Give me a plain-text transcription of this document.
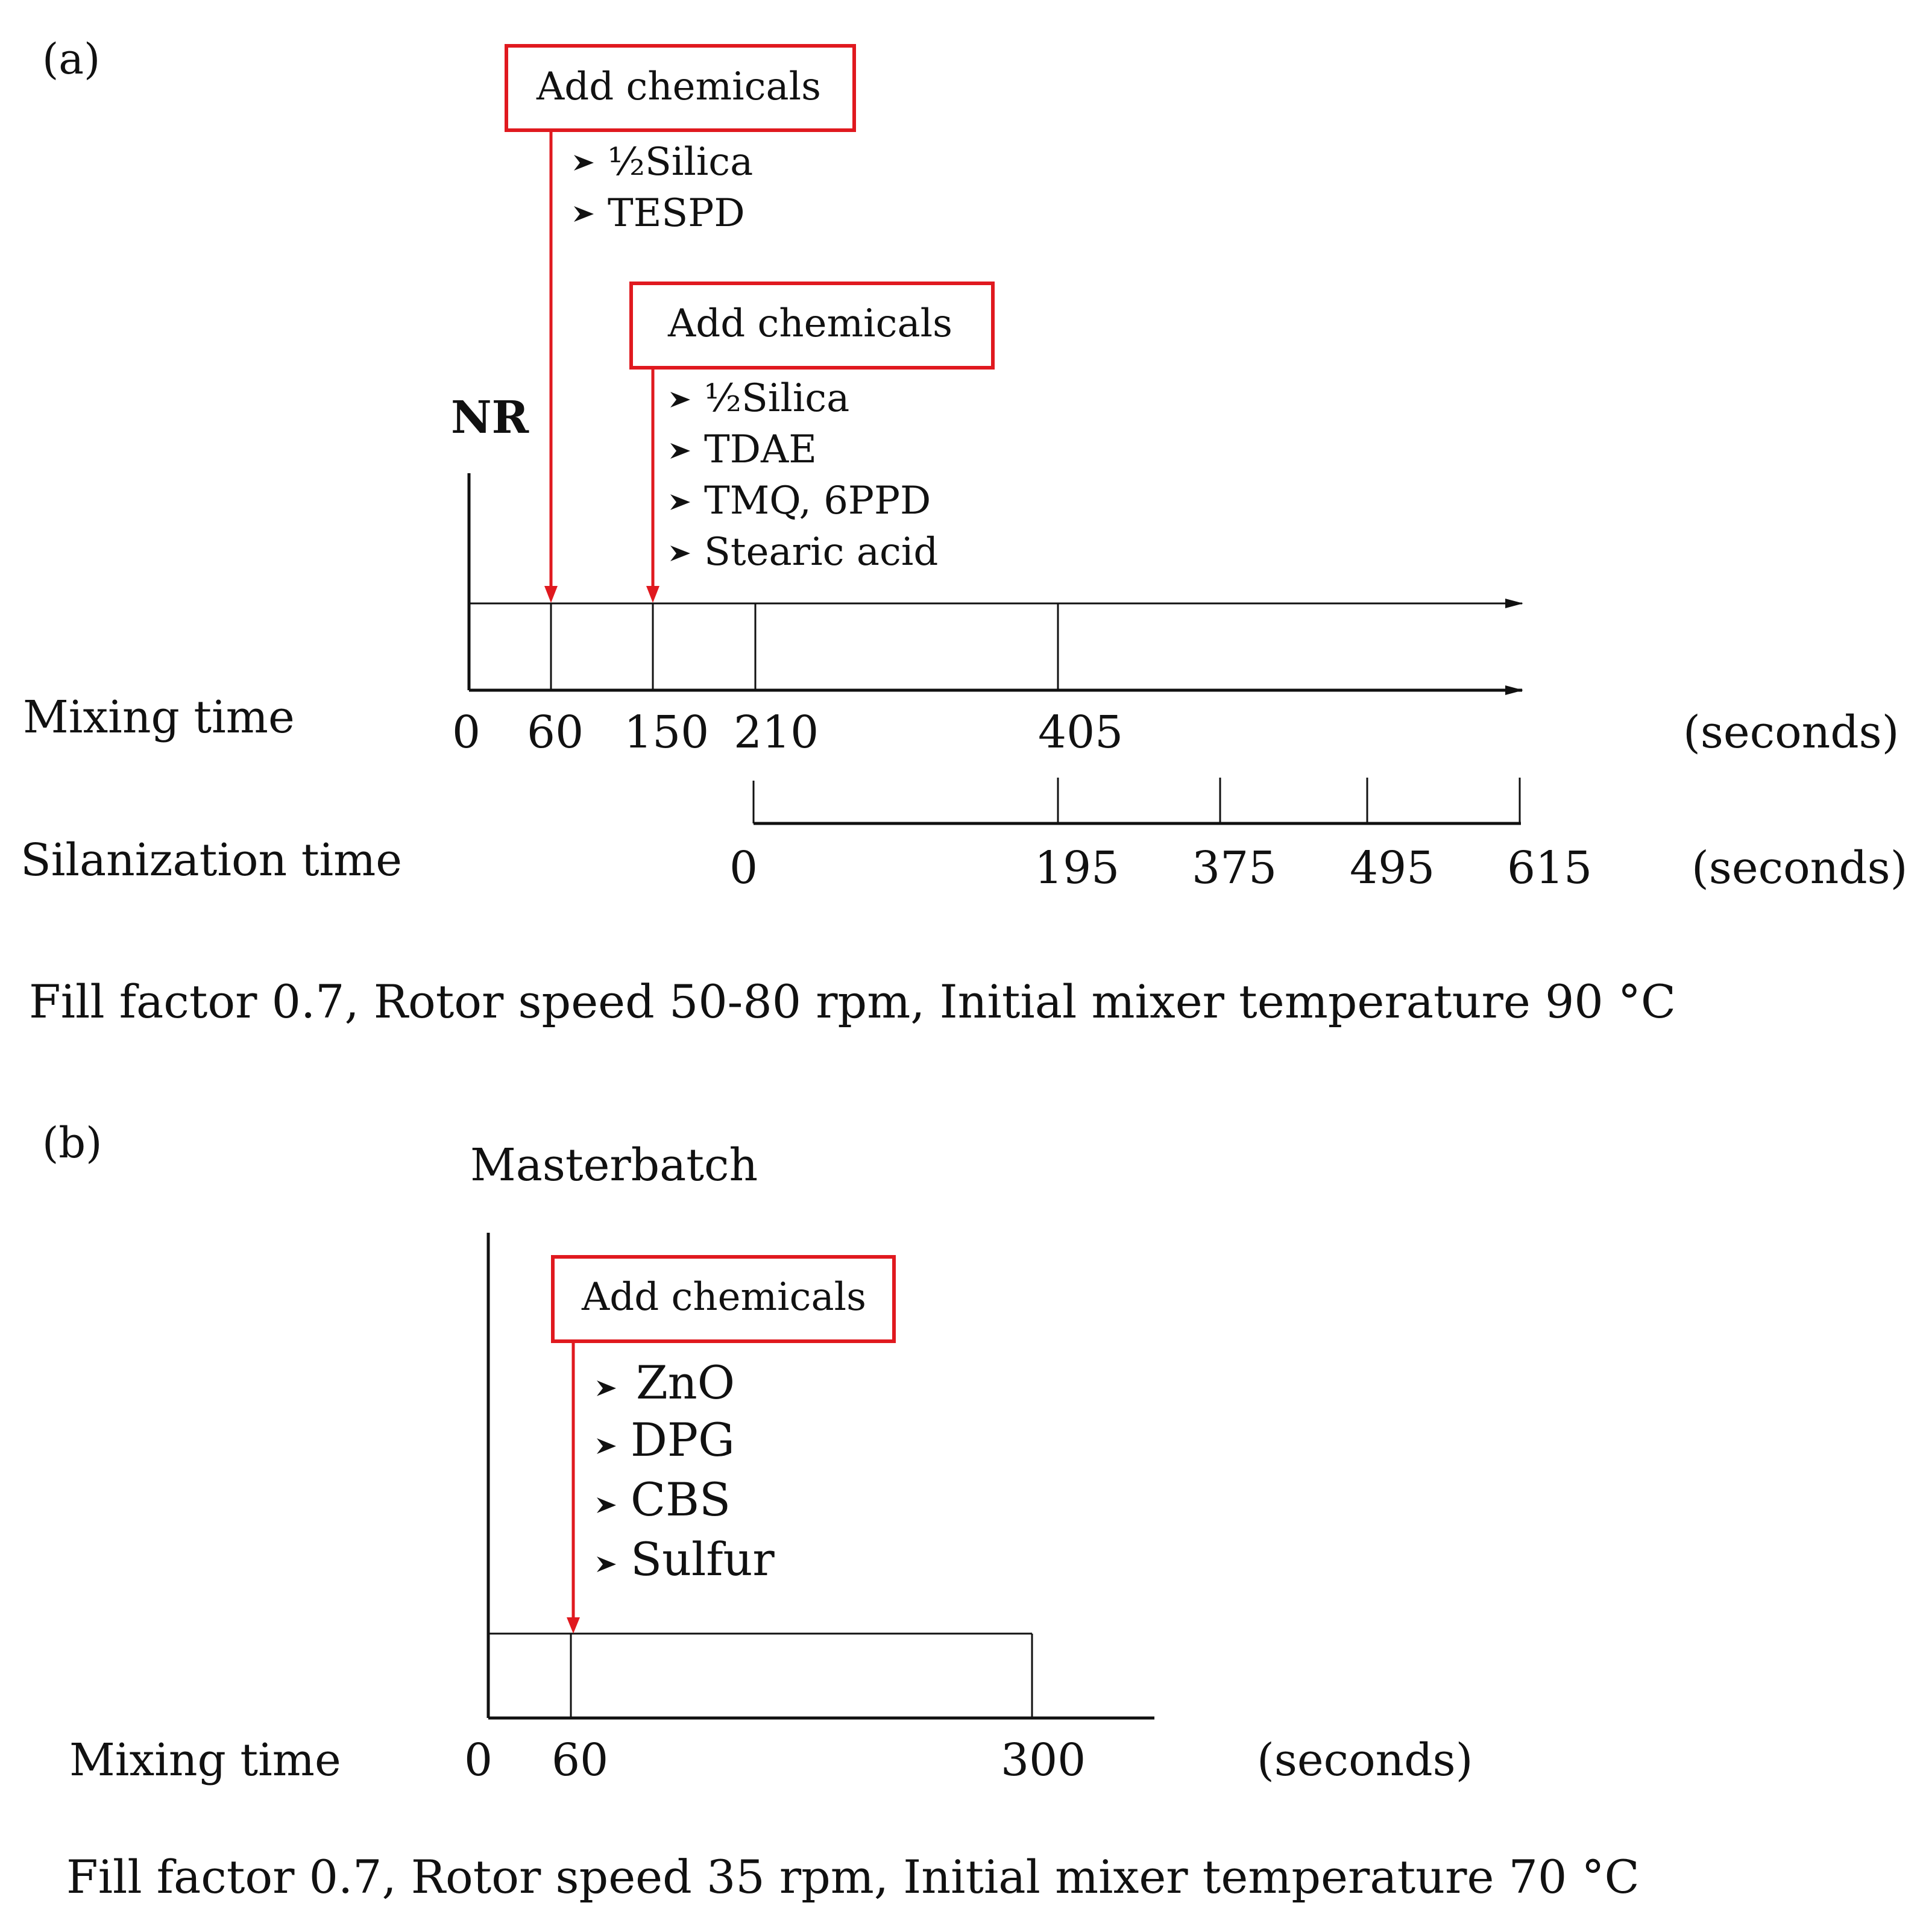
(a)
Add chemicals
½Silica
TESPD
Add chemicals
½Silica
TDAE
TMQ, 6PPD
Stearic acid
NR
Mixing time	0 60 150 210	405	(seconds)
Silanization time	0	195 375 495 615 (seconds)
Fill factor 0.7, Rotor speed 50-80 rpm, Initial mixer temperature 90 °C
(b)	Masterbatch
Add chemicals
ZnO
DPG
CBS
Sulfur
Mixing time	0 60	300	(seconds)
Fill factor 0.7, Rotor speed 35 rpm, Initial mixer temperature 70 °C
